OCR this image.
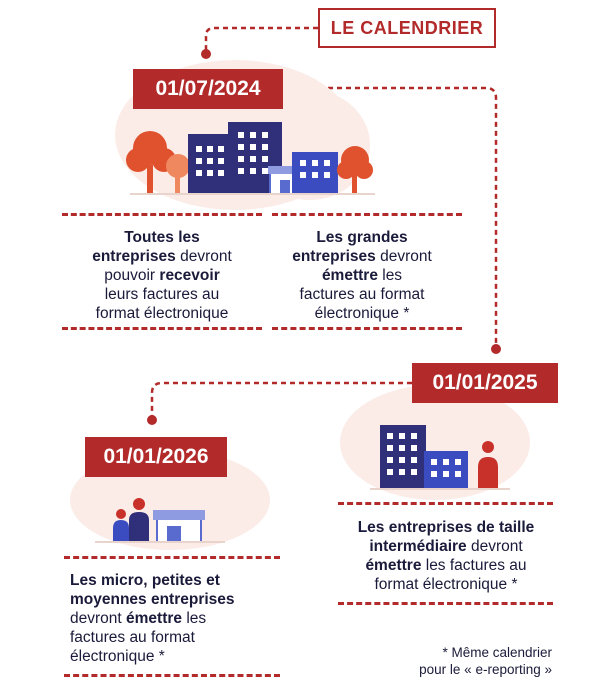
LE CALENDRIER
01/07/2024
Toutes les
entreprises devront
pouvoir recevoir
leurs factures au
format électronique
Les grandes
entreprises devront
émettre les
factures au format
électronique *
01/01/2025
Les entreprises de taille
intermédiaire devront
émettre les factures au
format électronique *
01/01/2026
Les micro, petites et
moyennes entreprises
devront émettre les
factures au format
électronique *	* Même calendrier
pour le « e-reporting »
